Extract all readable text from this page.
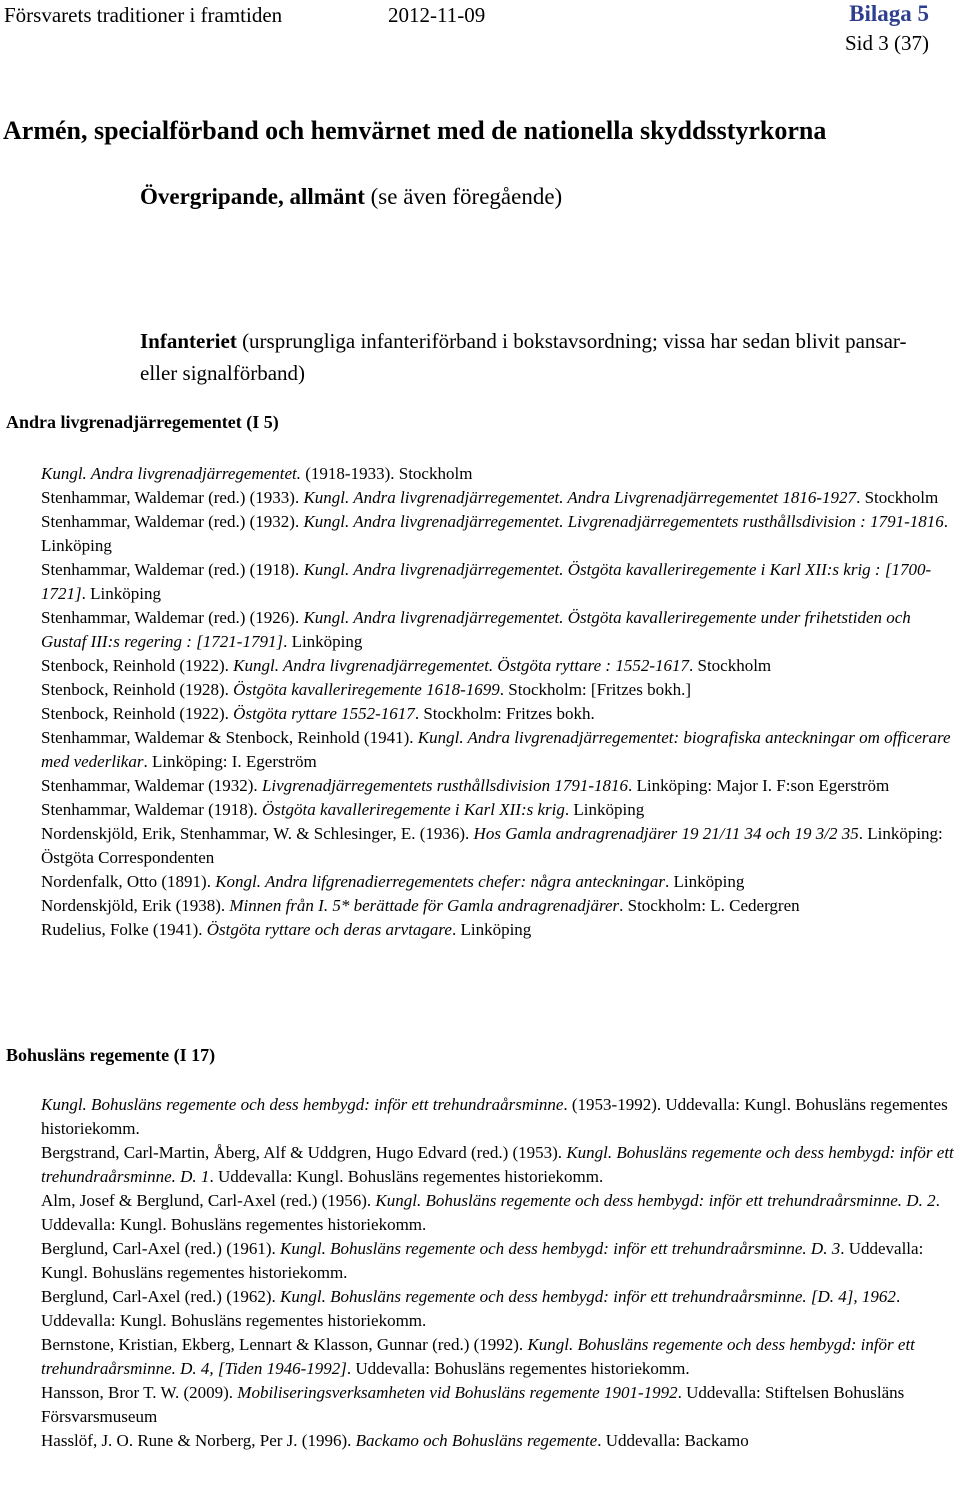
Försvarets traditioner i framtiden	2012-11-09	Bilaga 5
Sid 3 (37)
Armén, specialförband och hemvärnet med de nationella skyddsstyrkorna
Övergripande, allmänt (se även föregående)
Infanteriet (ursprungliga infanteriförband i bokstavsordning; vissa har sedan blivit pansar- eller signalförband)
Andra livgrenadjärregementet (I 5)
Kungl. Andra livgrenadjärregementet. (1918-1933). Stockholm
Stenhammar, Waldemar (red.) (1933). Kungl. Andra livgrenadjärregementet. Andra Livgrenadjärregementet 1816-1927. Stockholm
Stenhammar, Waldemar (red.) (1932). Kungl. Andra livgrenadjärregementet. Livgrenadjärregementets rusthållsdivision : 1791-1816. Linköping
Stenhammar, Waldemar (red.) (1918). Kungl. Andra livgrenadjärregementet. Östgöta kavalleriregemente i Karl XII:s krig : [1700-1721]. Linköping
Stenhammar, Waldemar (red.) (1926). Kungl. Andra livgrenadjärregementet. Östgöta kavalleriregemente under frihetstiden och Gustaf III:s regering : [1721-1791]. Linköping
Stenbock, Reinhold (1922). Kungl. Andra livgrenadjärregementet. Östgöta ryttare : 1552-1617. Stockholm
Stenbock, Reinhold (1928). Östgöta kavalleriregemente 1618-1699. Stockholm: [Fritzes bokh.]
Stenbock, Reinhold (1922). Östgöta ryttare 1552-1617. Stockholm: Fritzes bokh.
Stenhammar, Waldemar & Stenbock, Reinhold (1941). Kungl. Andra livgrenadjärregementet: biografiska anteckningar om officerare med vederlikar. Linköping: I. Egerström
Stenhammar, Waldemar (1932). Livgrenadjärregementets rusthållsdivision 1791-1816. Linköping: Major I. F:son Egerström
Stenhammar, Waldemar (1918). Östgöta kavalleriregemente i Karl XII:s krig. Linköping
Nordenskjöld, Erik, Stenhammar, W. & Schlesinger, E. (1936). Hos Gamla andragrenadjärer 19 21/11 34 och 19 3/2 35. Linköping: Östgöta Correspondenten
Nordenfalk, Otto (1891). Kongl. Andra lifgrenadierregementets chefer: några anteckningar. Linköping
Nordenskjöld, Erik (1938). Minnen från I. 5* berättade för Gamla andragrenadjärer. Stockholm: L. Cedergren
Rudelius, Folke (1941). Östgöta ryttare och deras arvtagare. Linköping
Bohusläns regemente (I 17)
Kungl. Bohusläns regemente och dess hembygd: inför ett trehundraårsminne. (1953-1992). Uddevalla: Kungl. Bohusläns regementes historiekomm.
Bergstrand, Carl-Martin, Åberg, Alf & Uddgren, Hugo Edvard (red.) (1953). Kungl. Bohusläns regemente och dess hembygd: inför ett trehundraårsminne. D. 1. Uddevalla: Kungl. Bohusläns regementes historiekomm.
Alm, Josef & Berglund, Carl-Axel (red.) (1956). Kungl. Bohusläns regemente och dess hembygd: inför ett trehundraårsminne. D. 2. Uddevalla: Kungl. Bohusläns regementes historiekomm.
Berglund, Carl-Axel (red.) (1961). Kungl. Bohusläns regemente och dess hembygd: inför ett trehundraårsminne. D. 3. Uddevalla: Kungl. Bohusläns regementes historiekomm.
Berglund, Carl-Axel (red.) (1962). Kungl. Bohusläns regemente och dess hembygd: inför ett trehundraårsminne. [D. 4], 1962. Uddevalla: Kungl. Bohusläns regementes historiekomm.
Bernstone, Kristian, Ekberg, Lennart & Klasson, Gunnar (red.) (1992). Kungl. Bohusläns regemente och dess hembygd: inför ett trehundraårsminne. D. 4, [Tiden 1946-1992]. Uddevalla: Bohusläns regementes historiekomm.
Hansson, Bror T. W. (2009). Mobiliseringsverksamheten vid Bohusläns regemente 1901-1992. Uddevalla: Stiftelsen Bohusläns Försvarsmuseum
Hasslöf, J. O. Rune & Norberg, Per J. (1996). Backamo och Bohusläns regemente. Uddevalla: Backamo
